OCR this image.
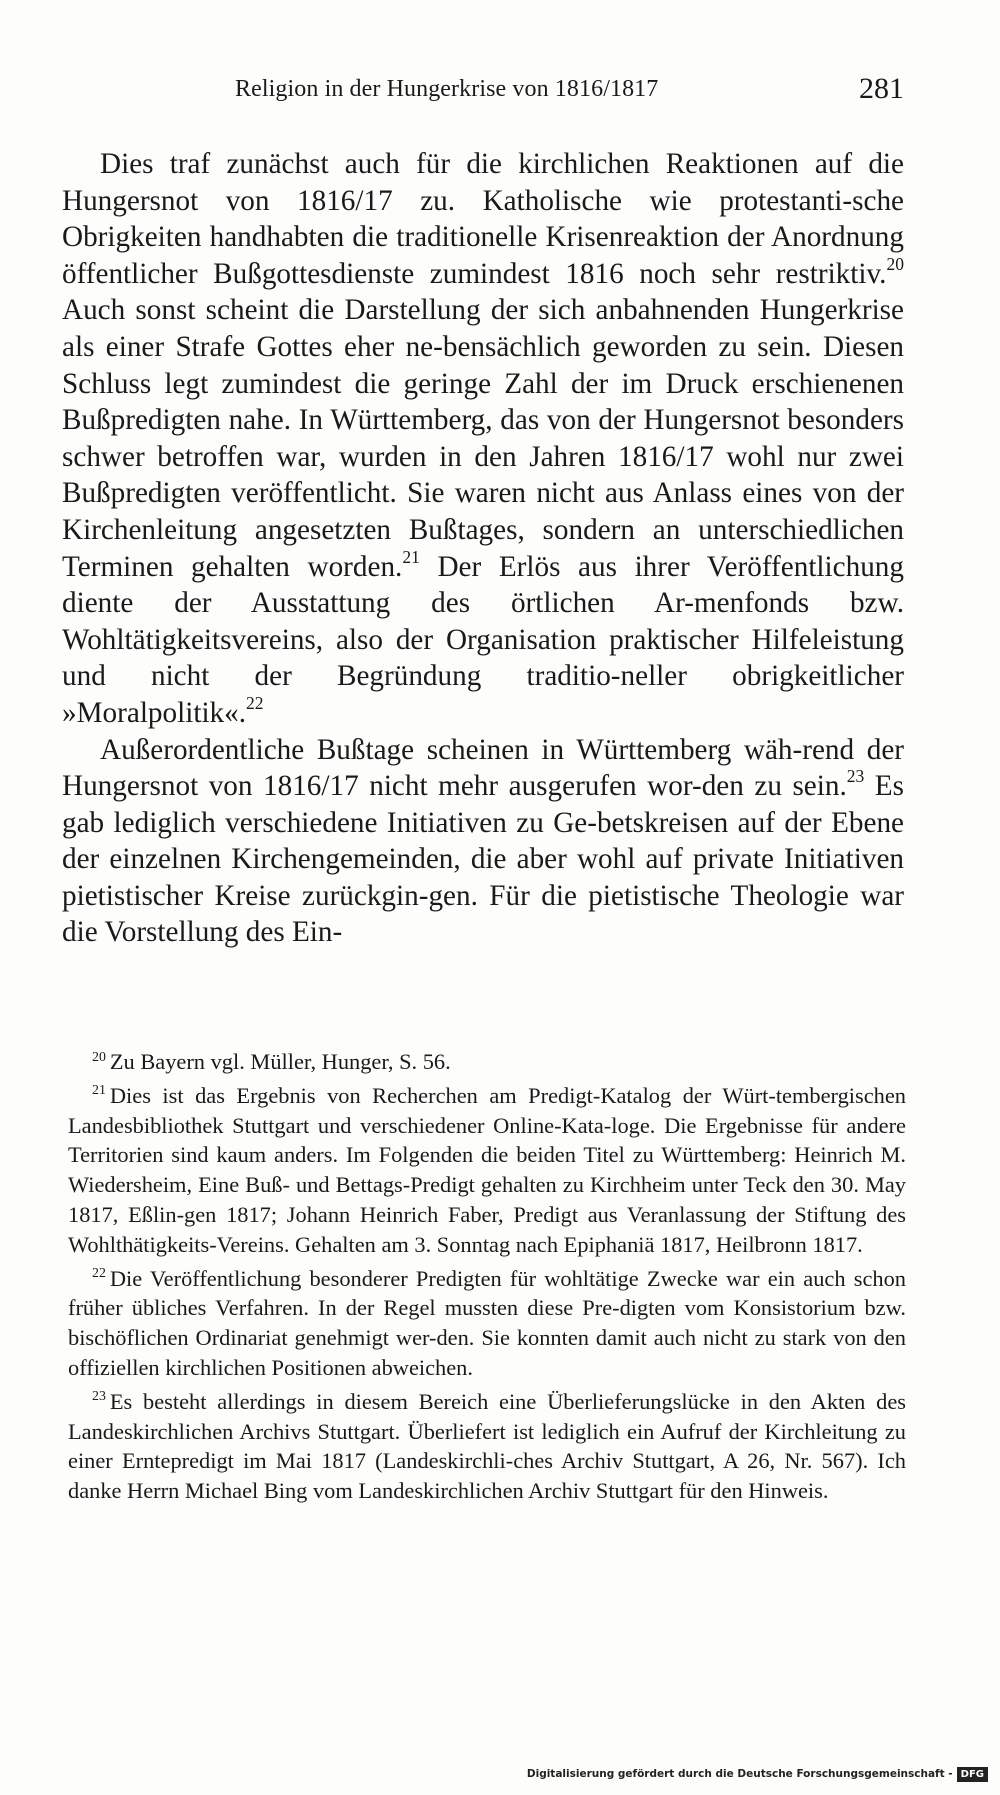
Religion in der Hungerkrise von 1816/1817	281

Dies traf zunächst auch für die kirchlichen Reaktionen auf die Hungersnot von 1816/17 zu. Katholische wie protestanti-sche Obrigkeiten handhabten die traditionelle Krisenreaktion der Anordnung öffentlicher Bußgottesdienste zumindest 1816 noch sehr restriktiv.$^{20}$ Auch sonst scheint die Darstellung der sich anbahnenden Hungerkrise als einer Strafe Gottes eher ne-bensächlich geworden zu sein. Diesen Schluss legt zumindest die geringe Zahl der im Druck erschienenen Bußpredigten nahe. In Württemberg, das von der Hungersnot besonders schwer betroffen war, wurden in den Jahren 1816/17 wohl nur zwei Bußpredigten veröffentlicht. Sie waren nicht aus Anlass eines von der Kirchenleitung angesetzten Bußtages, sondern an unterschiedlichen Terminen gehalten worden.$^{21}$ Der Erlös aus ihrer Veröffentlichung diente der Ausstattung des örtlichen Ar-menfonds bzw. Wohltätigkeitsvereins, also der Organisation praktischer Hilfeleistung und nicht der Begründung traditio-neller obrigkeitlicher »Moralpolitik«.$^{22}$

Außerordentliche Bußtage scheinen in Württemberg wäh-rend der Hungersnot von 1816/17 nicht mehr ausgerufen wor-den zu sein.$^{23}$ Es gab lediglich verschiedene Initiativen zu Ge-betskreisen auf der Ebene der einzelnen Kirchengemeinden, die aber wohl auf private Initiativen pietistischer Kreise zurückgin-gen. Für die pietistische Theologie war die Vorstellung des Ein-

$^{20}$ Zu Bayern vgl. Müller, Hunger, S. 56.

$^{21}$ Dies ist das Ergebnis von Recherchen am Predigt-Katalog der Würt-tembergischen Landesbibliothek Stuttgart und verschiedener Online-Kata-loge. Die Ergebnisse für andere Territorien sind kaum anders. Im Folgenden die beiden Titel zu Württemberg: Heinrich M. Wiedersheim, Eine Buß- und Bettags-Predigt gehalten zu Kirchheim unter Teck den 30. May 1817, Eßlin-gen 1817; Johann Heinrich Faber, Predigt aus Veranlassung der Stiftung des Wohlthätigkeits-Vereins. Gehalten am 3. Sonntag nach Epiphaniä 1817, Heilbronn 1817.

$^{22}$ Die Veröffentlichung besonderer Predigten für wohltätige Zwecke war ein auch schon früher übliches Verfahren. In der Regel mussten diese Pre-digten vom Konsistorium bzw. bischöflichen Ordinariat genehmigt wer-den. Sie konnten damit auch nicht zu stark von den offiziellen kirchlichen Positionen abweichen.

$^{23}$ Es besteht allerdings in diesem Bereich eine Überlieferungslücke in den Akten des Landeskirchlichen Archivs Stuttgart. Überliefert ist lediglich ein Aufruf der Kirchleitung zu einer Erntepredigt im Mai 1817 (Landeskirchli-ches Archiv Stuttgart, A 26, Nr. 567). Ich danke Herrn Michael Bing vom Landeskirchlichen Archiv Stuttgart für den Hinweis.

Digitalisierung gefördert durch die Deutsche Forschungsgemeinschaft - DFG
